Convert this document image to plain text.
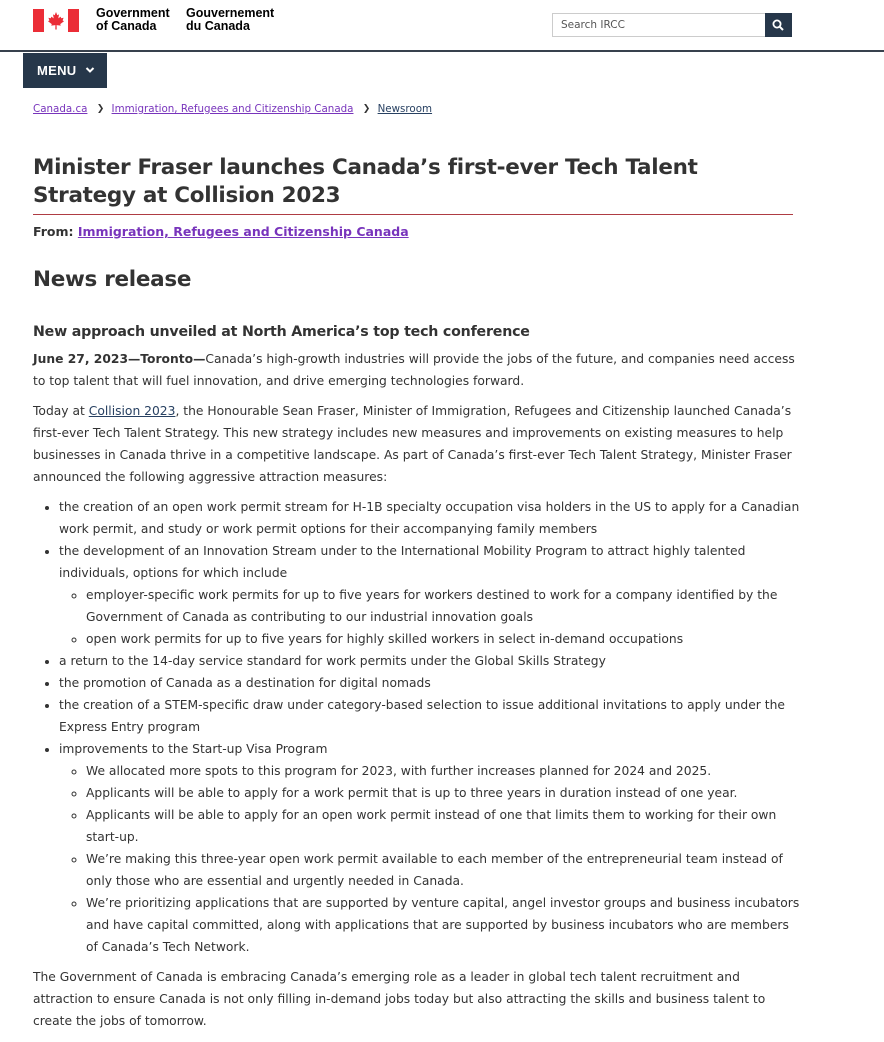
Government
of Canada
Gouvernement
du Canada
Search IRCC
MENU
Canada.ca ❯ Immigration, Refugees and Citizenship Canada ❯ Newsroom
Minister Fraser launches Canada’s first-ever Tech Talent Strategy at Collision 2023
From: Immigration, Refugees and Citizenship Canada
News release
New approach unveiled at North America’s top tech conference

June 27, 2023—Toronto—Canada’s high-growth industries will provide the jobs of the future, and companies need access to top talent that will fuel innovation, and drive emerging technologies forward.

Today at Collision 2023, the Honourable Sean Fraser, Minister of Immigration, Refugees and Citizenship launched Canada’s first-ever Tech Talent Strategy. This new strategy includes new measures and improvements on existing measures to help businesses in Canada thrive in a competitive landscape. As part of Canada’s first-ever Tech Talent Strategy, Minister Fraser announced the following aggressive attraction measures:

• the creation of an open work permit stream for H-1B specialty occupation visa holders in the US to apply for a Canadian work permit, and study or work permit options for their accompanying family members
• the development of an Innovation Stream under to the International Mobility Program to attract highly talented individuals, options for which include
◦ employer-specific work permits for up to five years for workers destined to work for a company identified by the Government of Canada as contributing to our industrial innovation goals
◦ open work permits for up to five years for highly skilled workers in select in-demand occupations
• a return to the 14-day service standard for work permits under the Global Skills Strategy
• the promotion of Canada as a destination for digital nomads
• the creation of a STEM-specific draw under category-based selection to issue additional invitations to apply under the Express Entry program
• improvements to the Start-up Visa Program
◦ We allocated more spots to this program for 2023, with further increases planned for 2024 and 2025.
◦ Applicants will be able to apply for a work permit that is up to three years in duration instead of one year.
◦ Applicants will be able to apply for an open work permit instead of one that limits them to working for their own start-up.
◦ We’re making this three-year open work permit available to each member of the entrepreneurial team instead of only those who are essential and urgently needed in Canada.
◦ We’re prioritizing applications that are supported by venture capital, angel investor groups and business incubators and have capital committed, along with applications that are supported by business incubators who are members of Canada’s Tech Network.

The Government of Canada is embracing Canada’s emerging role as a leader in global tech talent recruitment and attraction to ensure Canada is not only filling in-demand jobs today but also attracting the skills and business talent to create the jobs of tomorrow.
